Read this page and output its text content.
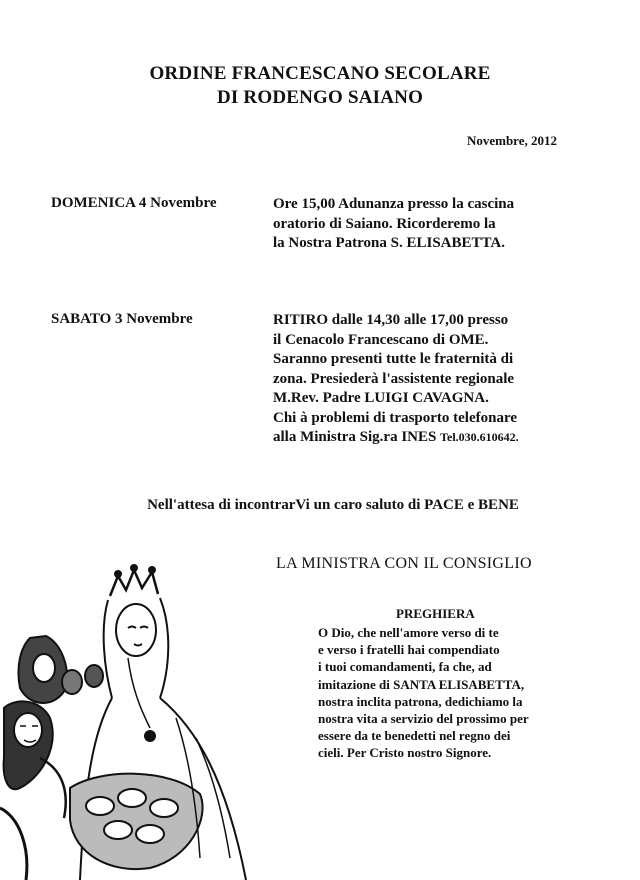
ORDINE FRANCESCANO SECOLARE
DI RODENGO SAIANO
Novembre, 2012
DOMENICA 4 Novembre	Ore 15,00 Adunanza presso la cascina
oratorio di Saiano. Ricorderemo la
la Nostra Patrona S. ELISABETTA.
SABATO 3 Novembre	RITIRO dalle 14,30 alle 17,00 presso
il Cenacolo Francescano di OME.
Saranno presenti tutte le fraternità di
zona. Presiederà l'assistente regionale
M.Rev. Padre LUIGI CAVAGNA.
Chi à problemi di trasporto telefonare
alla Ministra Sig.ra INES Tel.030.610642.
Nell'attesa di incontrarVi un caro saluto di PACE e BENE
LA MINISTRA CON IL CONSIGLIO
PREGHIERA
O Dio, che nell'amore verso di te
e verso i fratelli hai compendiato
i tuoi comandamenti, fa che, ad
imitazione di SANTA ELISABETTA,
nostra inclita patrona, dedichiamo la
nostra vita a servizio del prossimo per
essere da te benedetti nel regno dei
cieli. Per Cristo nostro Signore.
